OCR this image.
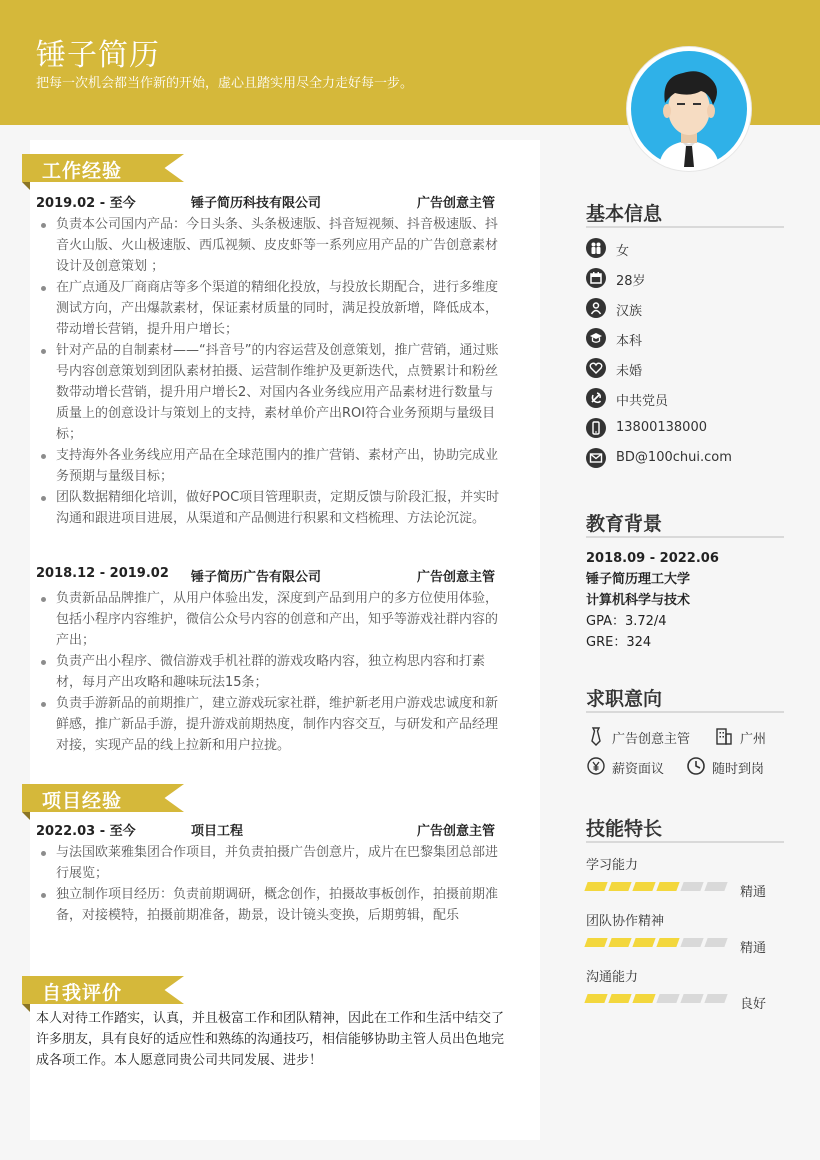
锤子简历
把每一次机会都当作新的开始，虚心且踏实用尽全力走好每一步。
工作经验
2019.02 - 至今	锤子简历科技有限公司	广告创意主管
负责本公司国内产品：今日头条、头条极速版、抖音短视频、抖音极速版、抖音火山版、火山极速版、西瓜视频、皮皮虾等一系列应用产品的广告创意素材设计及创意策划 ；
在广点通及厂商商店等多个渠道的精细化投放，与投放长期配合，进行多维度测试方向，产出爆款素材，保证素材质量的同时，满足投放新增，降低成本，带动增长营销，提升用户增长；
针对产品的自制素材——“抖音号”的内容运营及创意策划，推广营销，通过账号内容创意策划到团队素材拍摄、运营制作维护及更新迭代，点赞累计和粉丝数带动增长营销，提升用户增长2、对国内各业务线应用产品素材进行数量与质量上的创意设计与策划上的支持，素材单价产出ROI符合业务预期与量级目标；
支持海外各业务线应用产品在全球范围内的推广营销、素材产出，协助完成业务预期与量级目标；
团队数据精细化培训，做好POC项目管理职责，定期反馈与阶段汇报，并实时沟通和跟进项目进展，从渠道和产品侧进行积累和文档梳理、方法论沉淀。
2018.12 - 2019.02 锤子简历广告有限公司	广告创意主管
负责新品品牌推广，从用户体验出发，深度到产品到用户的多方位使用体验，包括小程序内容维护，微信公众号内容的创意和产出，知乎等游戏社群内容的产出；
负责产出小程序、微信游戏手机社群的游戏攻略内容，独立构思内容和打素材，每月产出攻略和趣味玩法15条；
负责手游新品的前期推广，建立游戏玩家社群，维护新老用户游戏忠诚度和新鲜感，推广新品手游，提升游戏前期热度，制作内容交互，与研发和产品经理对接，实现产品的线上拉新和用户拉拢。
项目经验
2022.03 - 至今	项目工程	广告创意主管
与法国欧莱雅集团合作项目，并负责拍摄广告创意片，成片在巴黎集团总部进行展览；
独立制作项目经历：负责前期调研，概念创作，拍摄故事板创作，拍摄前期准备，对接模特，拍摄前期准备，勘景，设计镜头变换，后期剪辑，配乐
自我评价
本人对待工作踏实，认真，并且极富工作和团队精神，因此在工作和生活中结交了许多朋友，具有良好的适应性和熟练的沟通技巧，相信能够协助主管人员出色地完成各项工作。本人愿意同贵公司共同发展、进步！
基本信息
女
28岁
汉族
本科
未婚
中共党员
13800138000
BD@100chui.com
教育背景
2018.09 - 2022.06
锤子简历理工大学
计算机科学与技术
GPA：3.72/4
GRE：324
求职意向
广告创意主管	广州
薪资面议	随时到岗
技能特长
学习能力
精通
团队协作精神
精通
沟通能力
良好
